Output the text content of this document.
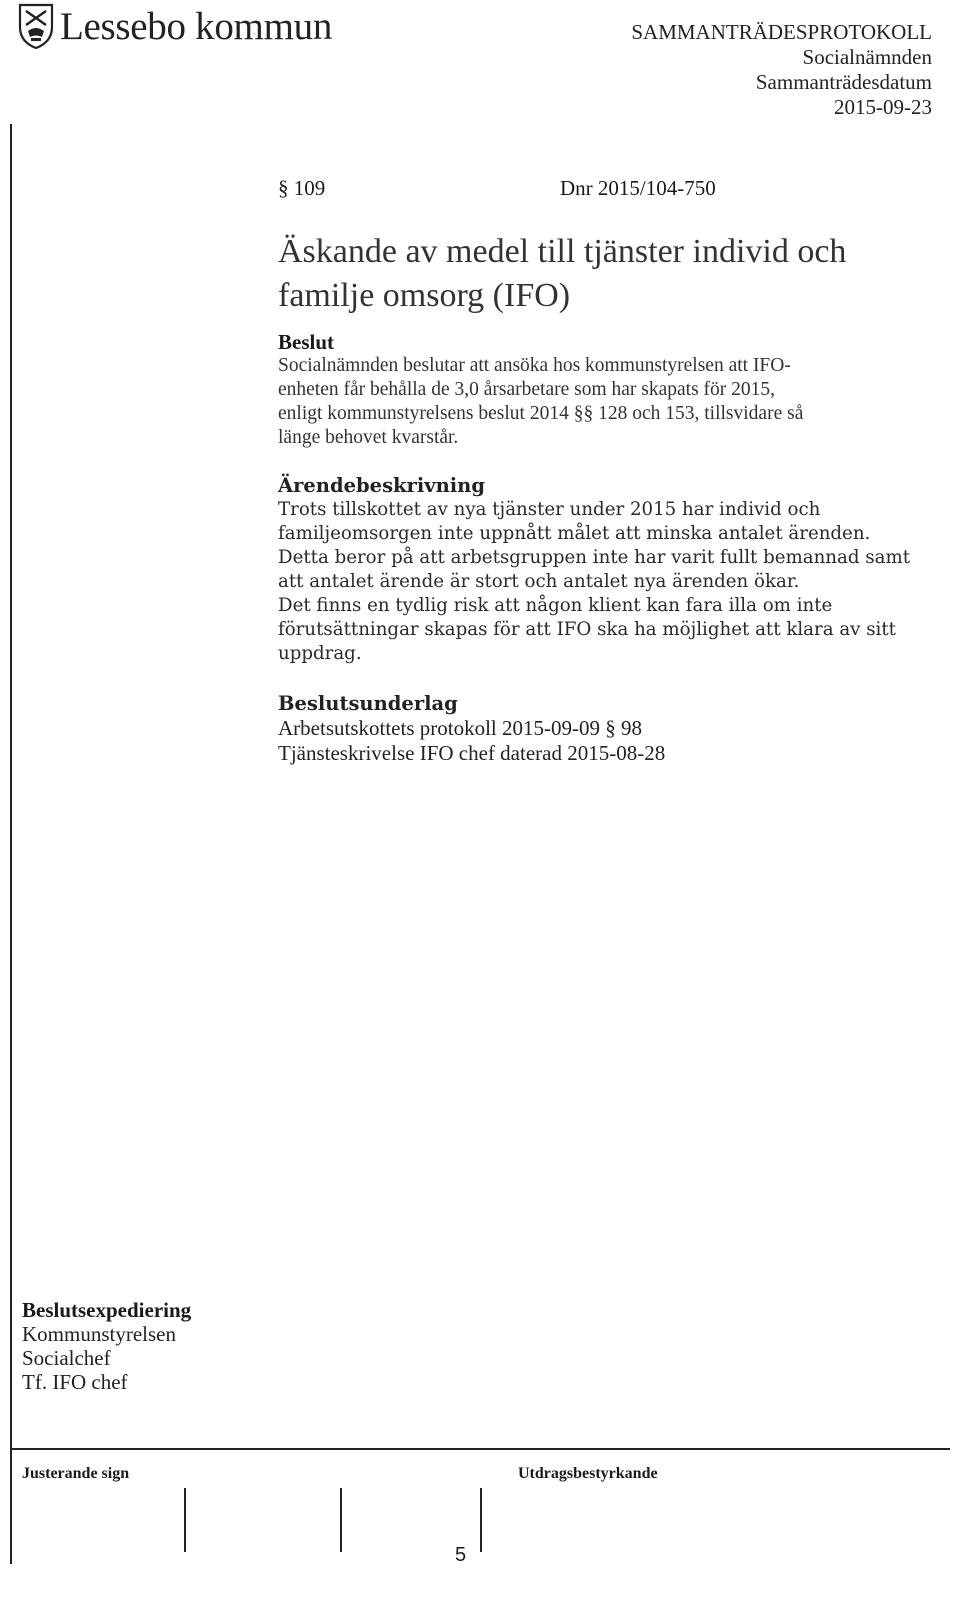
Lessebo kommun	SAMMANTRÄDESPROTOKOLL
Socialnämnden
Sammanträdesdatum
2015-09-23
§ 109	Dnr 2015/104-750
Äskande av medel till tjänster individ och familje omsorg (IFO)
Beslut
Socialnämnden beslutar att ansöka hos kommunstyrelsen att IFO-
enheten får behålla de 3,0 årsarbetare som har skapats för 2015,
enligt kommunstyrelsens beslut 2014 §§ 128 och 153, tillsvidare så
länge behovet kvarstår.
Ärendebeskrivning
Trots tillskottet av nya tjänster under 2015 har individ och
familjeomsorgen inte uppnått målet att minska antalet ärenden.
Detta beror på att arbetsgruppen inte har varit fullt bemannad samt
att antalet ärende är stort och antalet nya ärenden ökar.
Det finns en tydlig risk att någon klient kan fara illa om inte
förutsättningar skapas för att IFO ska ha möjlighet att klara av sitt
uppdrag.
Beslutsunderlag
Arbetsutskottets protokoll 2015-09-09 § 98
Tjänsteskrivelse IFO chef daterad 2015-08-28
Beslutsexpediering
Kommunstyrelsen
Socialchef
Tf. IFO chef
Justerande sign	Utdragsbestyrkande
5
